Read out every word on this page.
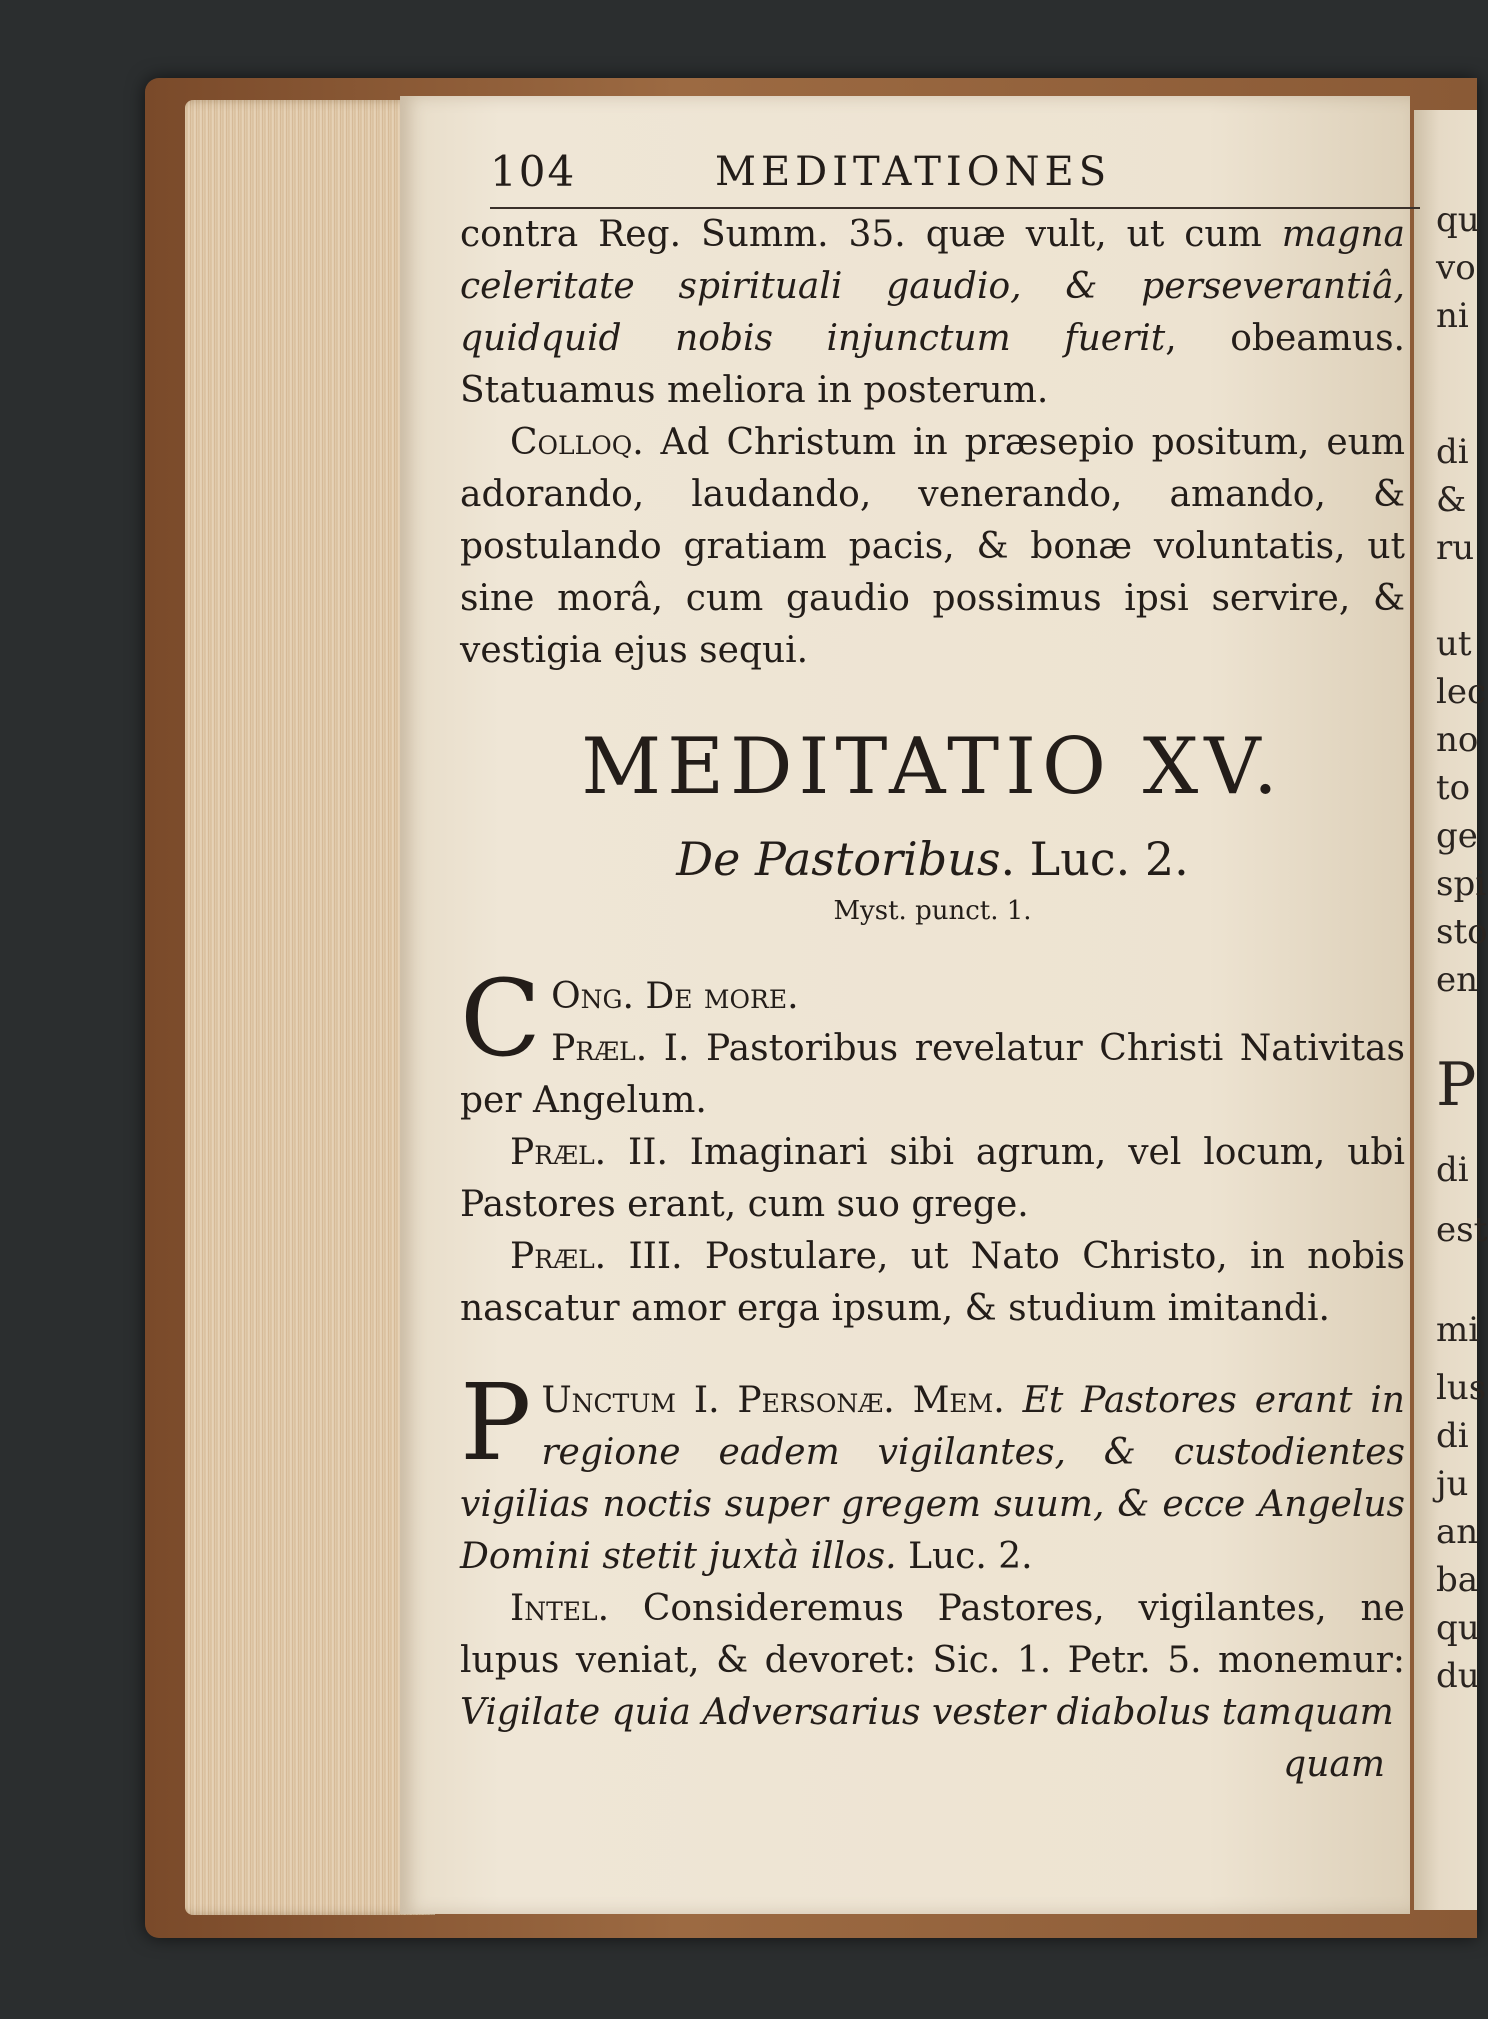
qu
vo
ni
di
&
ru
ut
lec
no
to
ge
spi
sto
en
P
di
est
mi
lus
di
ju
an
ba
qu
du
104	MEDITATIONES

contra Reg. Summ. 35. quæ vult, ut cum magna celeritate spirituali gaudio, & perseverantiâ, quidquid nobis injunctum fuerit, obeamus. Statuamus meliora in posterum.

Colloq. Ad Christum in præsepio positum, eum adorando, laudando, venerando, amando, & postulando gratiam pacis, & bonæ voluntatis, ut sine morâ, cum gaudio possimus ipsi servire, & vestigia ejus sequi.

MEDITATIO XV.
De Pastoribus. Luc. 2.
Myst. punct. 1.
C Ong. De more.
Præl. I. Pastoribus revelatur Christi Nativitas per Angelum.

Præl. II. Imaginari sibi agrum, vel locum, ubi Pastores erant, cum suo grege.

Præl. III. Postulare, ut Nato Christo, in nobis nascatur amor erga ipsum, & studium imitandi.

P Unctum I. Personæ. Mem. Et Pastores erant in regione eadem vigilantes, & custodientes vigilias noctis super gregem suum, & ecce Angelus Domini stetit juxtà illos. Luc. 2.

Intel. Consideremus Pastores, vigilantes, ne lupus veniat, & devoret: Sic. 1. Petr. 5. monemur: Vigilate quia Adversarius vester diabolus tamquam

quam
